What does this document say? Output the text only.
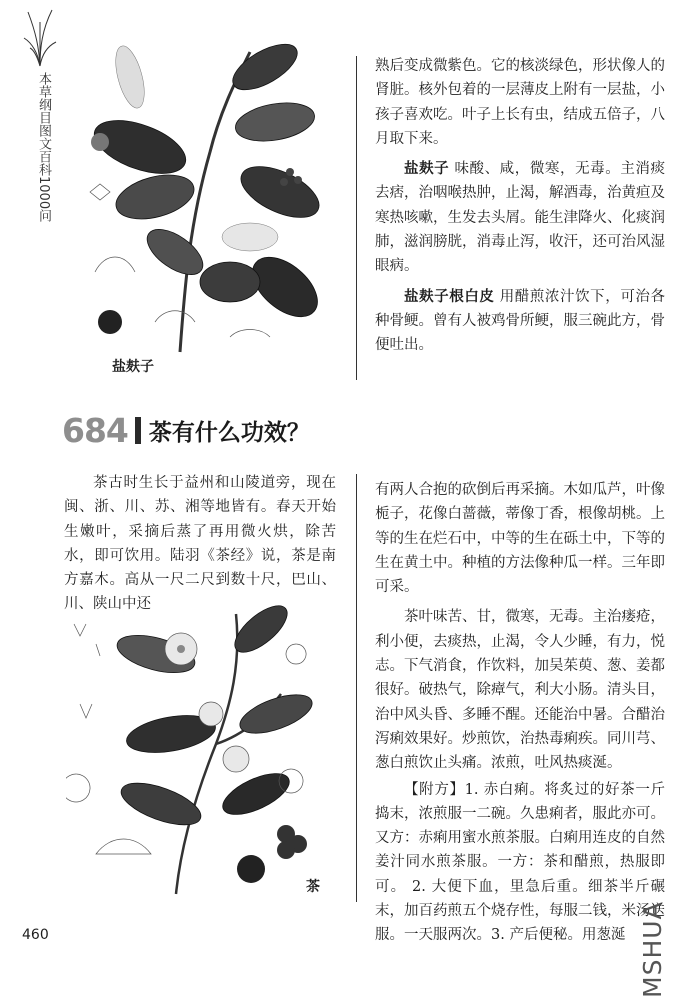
本草纲目图文百科1000问
盐麸子

熟后变成微紫色。它的核淡绿色，形状像人的肾脏。核外包着的一层薄皮上附有一层盐，小孩子喜欢吃。叶子上长有虫，结成五倍子，八月取下来。

盐麸子 味酸、咸，微寒，无毒。主消痰去痞，治咽喉热肿，止渴，解酒毒，治黄疸及寒热咳嗽，生发去头屑。能生津降火、化痰润肺，滋润膀胱，消毒止泻，收汗，还可治风湿眼病。

盐麸子根白皮 用醋煎浓汁饮下，可治各种骨鲠。曾有人被鸡骨所鲠，服三碗此方，骨便吐出。

684 茶有什么功效？

茶古时生长于益州和山陵道旁，现在闽、浙、川、苏、湘等地皆有。春天开始生嫩叶，采摘后蒸了再用微火烘，除苦水，即可饮用。陆羽《茶经》说，茶是南方嘉木。高从一尺二尺到数十尺，巴山、川、陕山中还

有两人合抱的砍倒后再采摘。木如瓜芦，叶像栀子，花像白蔷薇，蒂像丁香，根像胡桃。上等的生在烂石中，中等的生在砾土中，下等的生在黄土中。种植的方法像种瓜一样。三年即可采。

茶叶味苦、甘，微寒，无毒。主治瘘疮，利小便，去痰热，止渴，令人少睡，有力，悦志。下气消食，作饮料，加吴茱萸、葱、姜都很好。破热气，除瘴气，利大小肠。清头目，治中风头昏、多睡不醒。还能治中暑。合醋治泻痢效果好。炒煎饮，治热毒痢疾。同川芎、葱白煎饮止头痛。浓煎，吐风热痰涎。

【附方】1. 赤白痢。将炙过的好茶一斤捣末，浓煎服一二碗。久患痢者，服此亦可。又方：赤痢用蜜水煎茶服。白痢用连皮的自然姜汁同水煎茶服。一方：茶和醋煎，热服即可。 2. 大便下血，里急后重。细茶半斤碾末，加百药煎五个烧存性，每服二钱，米汤送服。一天服两次。3. 产后便秘。用葱涎

茶
460	MSHUA
